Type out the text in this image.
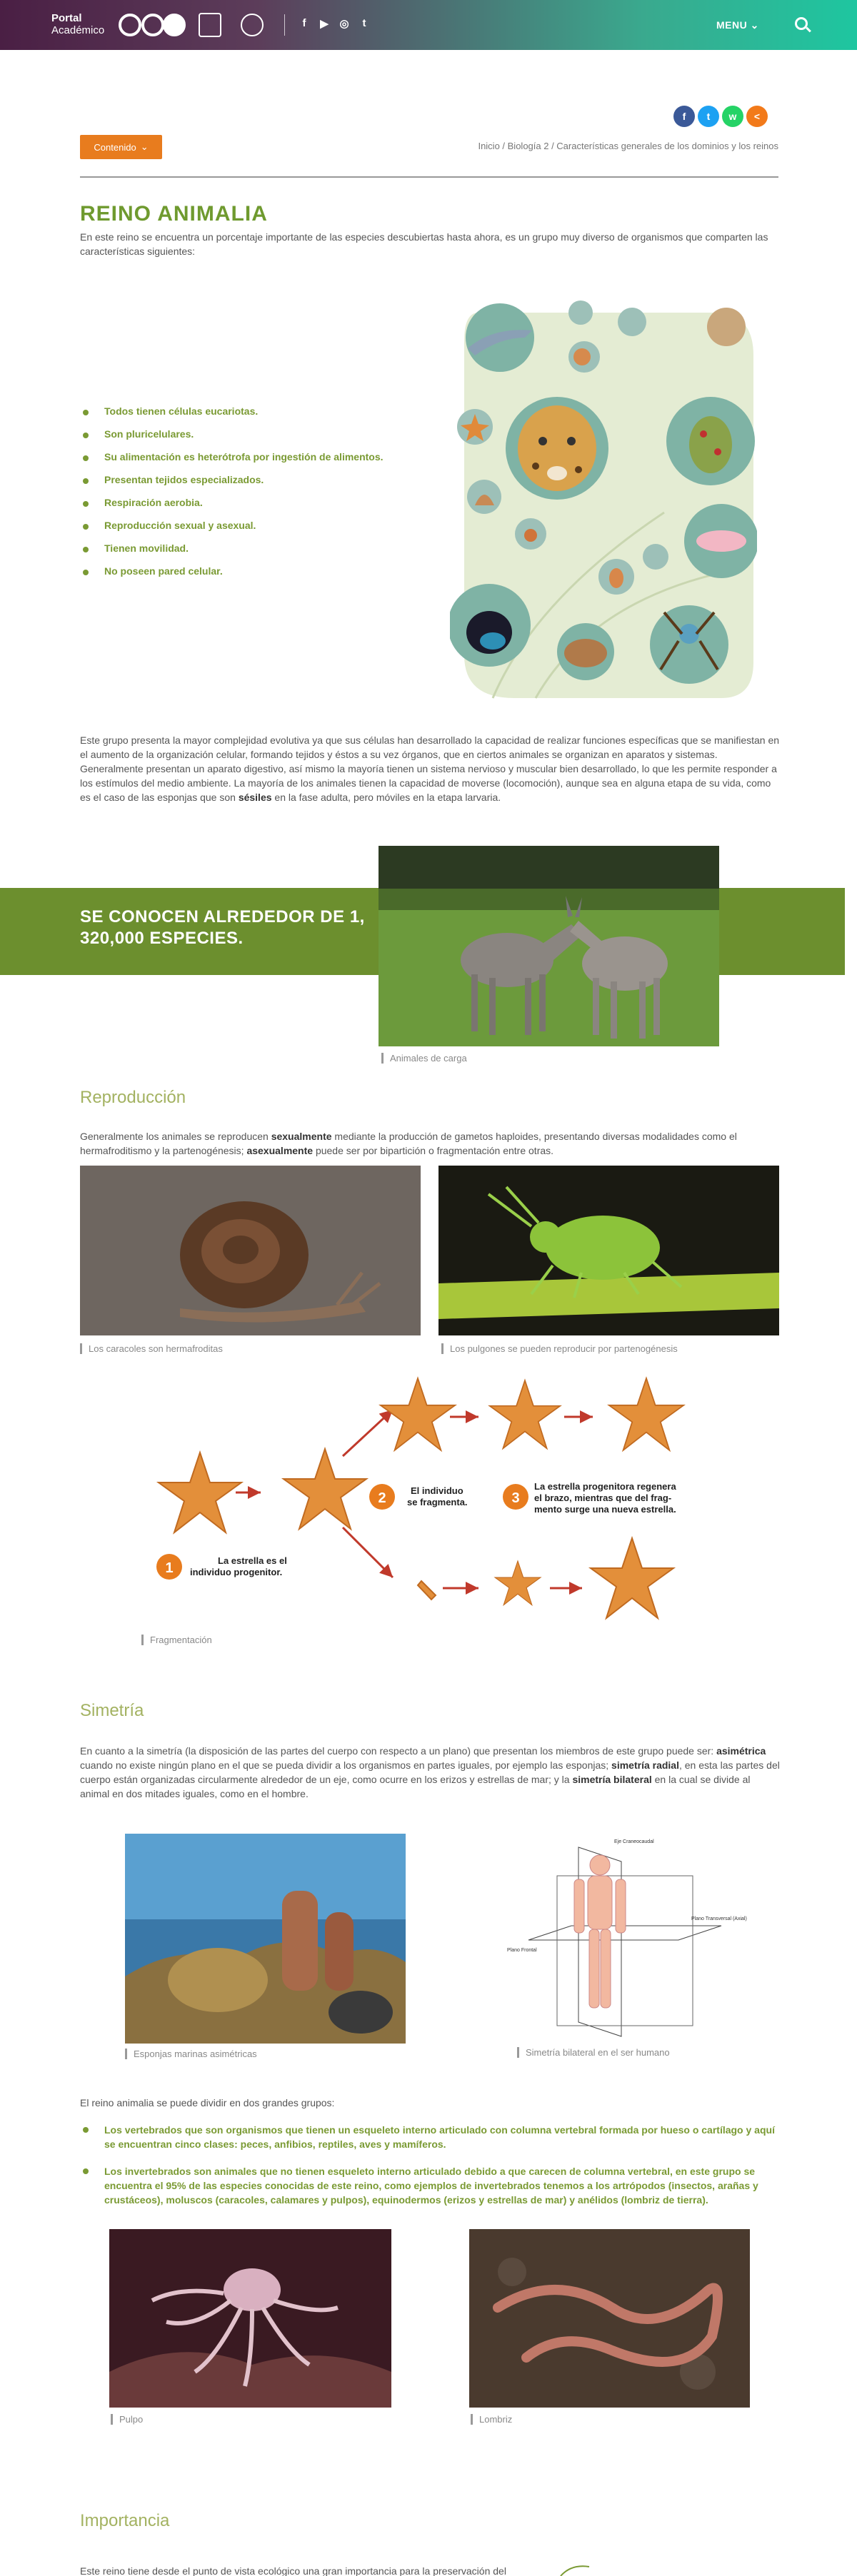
Portal
Académico
f	▶ ◎	t	MENU ⌄
f	t	w	<
Contenido ⌄	Inicio / Biología 2 / Características generales de los dominios y los reinos
REINO ANIMALIA

En este reino se encuentra un porcentaje importante de las especies descubiertas hasta ahora, es un grupo muy diverso de organismos que comparten las características siguientes:

Todos tienen células eucariotas.
Son pluricelulares.
Su alimentación es heterótrofa por ingestión de alimentos.
Presentan tejidos especializados.
Respiración aerobia.
Reproducción sexual y asexual.
Tienen movilidad.
No poseen pared celular.

Este grupo presenta la mayor complejidad evolutiva ya que sus células han desarrollado la capacidad de realizar funciones específicas que se manifiestan en el aumento de la organización celular, formando tejidos y éstos a su vez órganos, que en ciertos animales se organizan en aparatos y sistemas. Generalmente presentan un aparato digestivo, así mismo la mayoría tienen un sistema nervioso y muscular bien desarrollado, lo que les permite responder a los estímulos del medio ambiente. La mayoría de los animales tienen la capacidad de moverse (locomoción), aunque sea en alguna etapa de su vida, como es el caso de las esponjas que son sésiles en la fase adulta, pero móviles en la etapa larvaria.

SE CONOCEN ALREDEDOR DE 1, 320,000 ESPECIES.
Animales de carga
Reproducción

Generalmente los animales se reproducen sexualmente mediante la producción de gametos haploides, presentando diversas modalidades como el hermafroditismo y la partenogénesis; asexualmente puede ser por bipartición o fragmentación entre otras.

Los caracoles son hermafroditas	Los pulgones se pueden reproducir por partenogénesis
1	La estrella es el
individuo progenitor.
2	El individuo
se fragmenta.	3
La estrella progenitora regenera
el brazo, mientras que del frag-
mento surge una nueva estrella.
Fragmentación
Simetría

En cuanto a la simetría (la disposición de las partes del cuerpo con respecto a un plano) que presentan los miembros de este grupo puede ser: asimétrica cuando no existe ningún plano en el que se pueda dividir a los organismos en partes iguales, por ejemplo las esponjas; simetría radial, en esta las partes del cuerpo están organizadas circularmente alrededor de un eje, como ocurre en los erizos y estrellas de mar; y la simetría bilateral en la cual se divide al animal en dos mitades iguales, como en el hombre.

Eje Craneocaudal
Plano Transversal (Axial)
Plano Frontal
Esponjas marinas asimétricas	Simetría bilateral en el ser humano

El reino animalia se puede dividir en dos grandes grupos:

Los vertebrados que son organismos que tienen un esqueleto interno articulado con columna vertebral formada por hueso o cartílago y aquí se encuentran cinco clases: peces, anfibios, reptiles, aves y mamíferos.
Los invertebrados son animales que no tienen esqueleto interno articulado debido a que carecen de columna vertebral, en este grupo se encuentra el 95% de las especies conocidas de este reino, como ejemplos de invertebrados tenemos a los artrópodos (insectos, arañas y crustáceos), moluscos (caracoles, calamares y pulpos), equinodermos (erizos y estrellas de mar) y anélidos (lombriz de tierra).
Pulpo	Lombriz
Importancia

Este reino tiene desde el punto de vista ecológico una gran importancia para la preservación del
